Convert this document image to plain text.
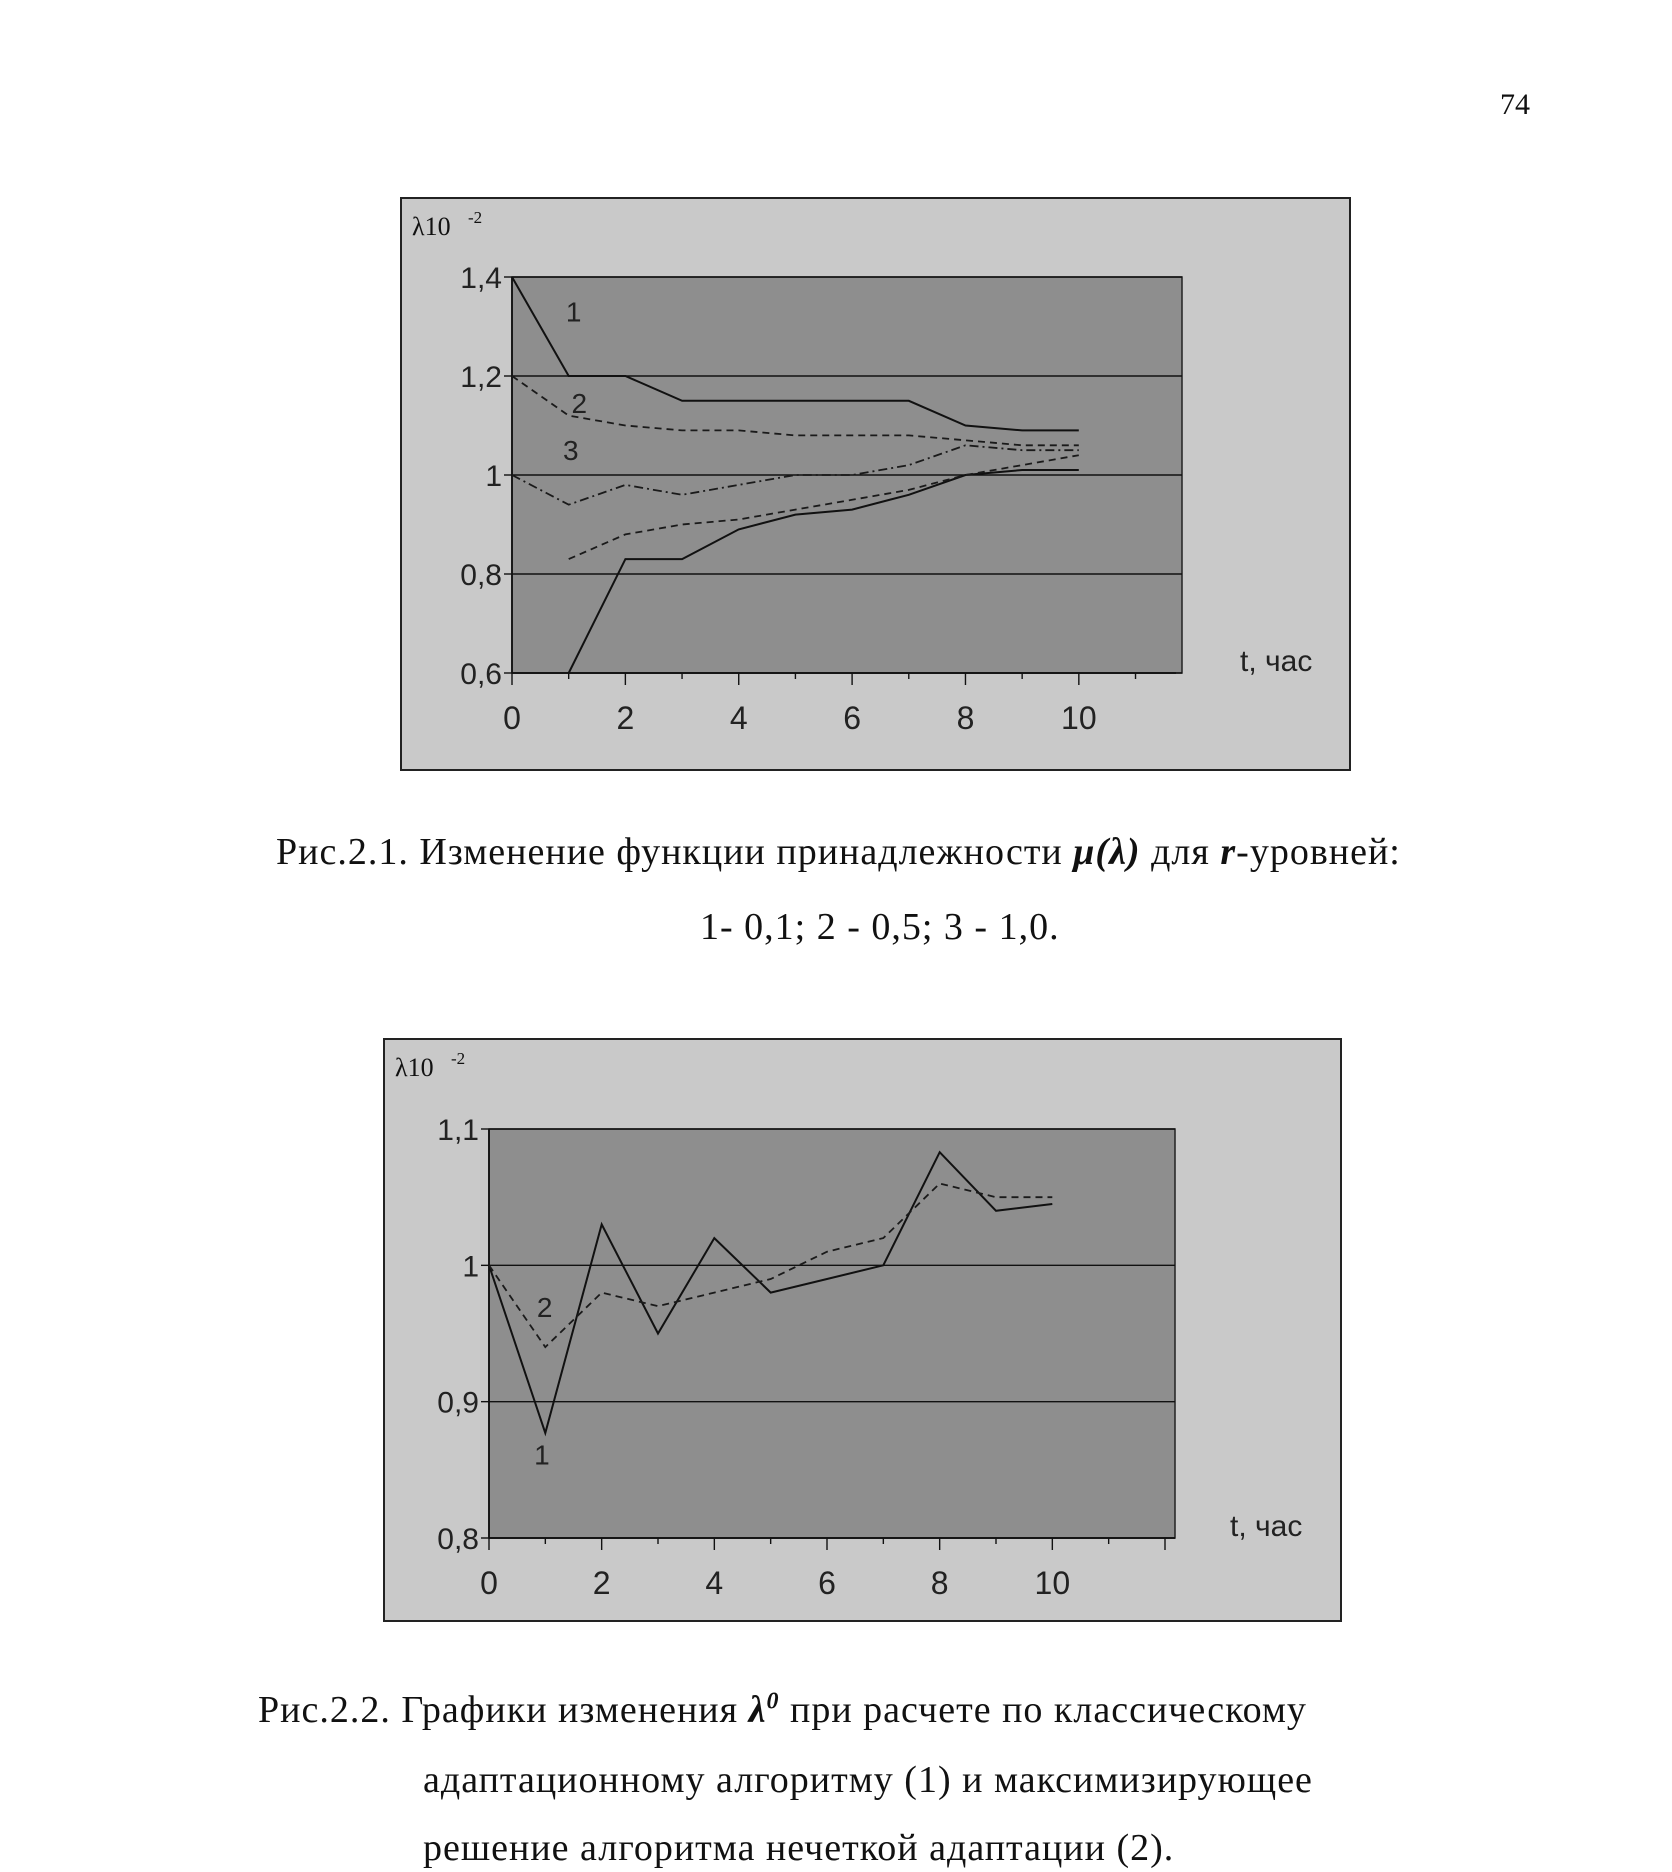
74
0,6
0,8
1
1,2
1,4
0	2	4	6	8	10
λ10 -2
t, час
1
2
3
Рис.2.1. Изменение функции принадлежности μ(λ) для r-уровней:
1- 0,1; 2 - 0,5; 3 - 1,0.
0,8
0,9
1
1,1
0	2	4	6	8	10
λ10 -2
t, час
1
2
Рис.2.2. Графики изменения $\lambda^0$ при расчете по классическому
адаптационному алгоритму (1) и максимизирующее
решение алгоритма нечеткой адаптации (2).
